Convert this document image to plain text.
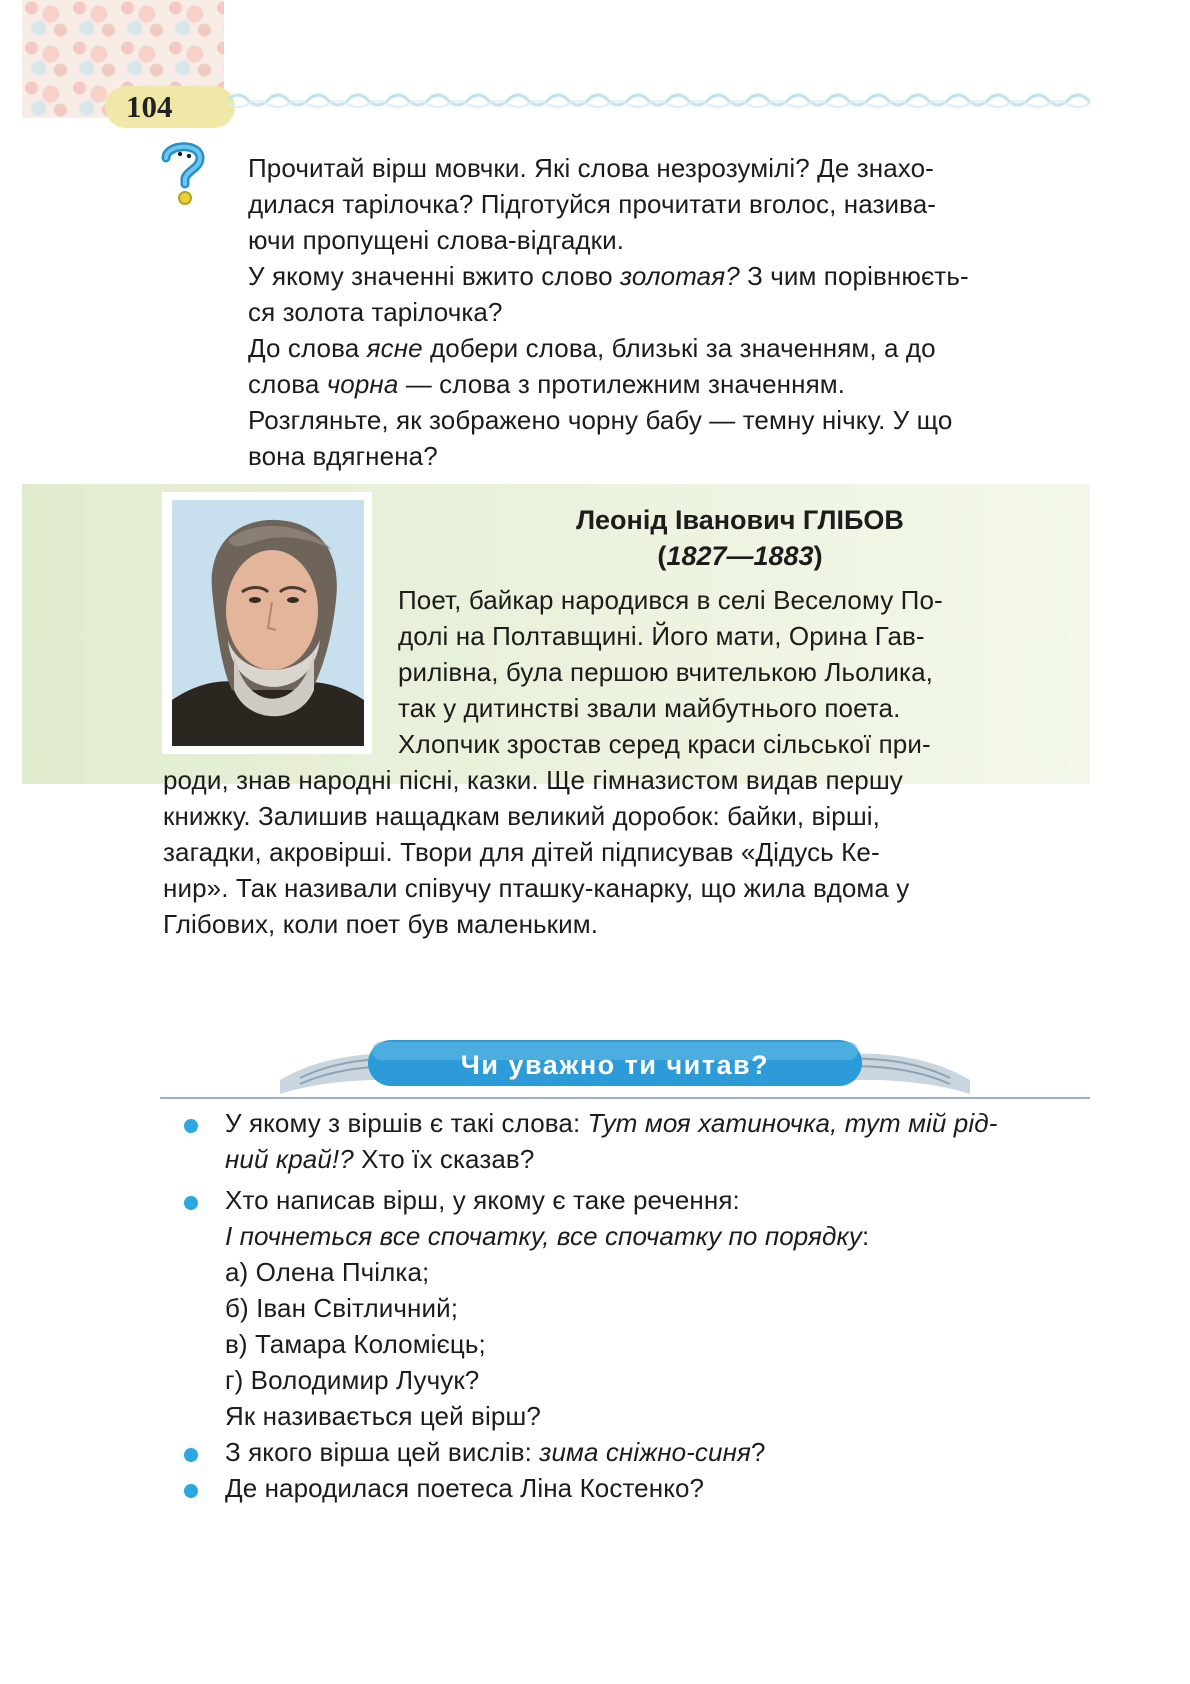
104

Прочитай вірш мовчки. Які слова незрозумілі? Де знахо-

дилася тарілочка? Підготуйся прочитати вголос, назива-

ючи пропущені слова-відгадки.

У якому значенні вжито слово золотая? З чим порівнюєть-

ся золота тарілочка?

До слова ясне добери слова, близькі за значенням, а до

слова чорна — слова з протилежним значенням.

Розгляньте, як зображено чорну бабу — темну нічку. У що

вона вдягнена?

Леонід Іванович ГЛІБОВ

(1827—1883)

Поет, байкар народився в селі Веселому По-

долі на Полтавщині. Його мати, Орина Гав-

рилівна, була першою вчителькою Льолика,

так у дитинстві звали майбутнього поета.

Хлопчик зростав серед краси сільської при-

роди, знав народні пісні, казки. Ще гімназистом видав першу

книжку. Залишив нащадкам великий доробок: байки, вірші,

загадки, акровірші. Твори для дітей підписував «Дідусь Ке-

нир». Так називали співучу пташку-канарку, що жила вдома у

Глібових, коли поет був маленьким.

Чи уважно ти читав?

У якому з віршів є такі слова: Тут моя хатиночка, тут мій рід-

ний край!? Хто їх сказав?

Хто написав вірш, у якому є таке речення:

І почнеться все спочатку, все спочатку по порядку:

а) Олена Пчілка;

б) Іван Світличний;

в) Тамара Коломієць;

г) Володимир Лучук?

Як називається цей вірш?

З якого вірша цей вислів: зима сніжно-синя?

Де народилася поетеса Ліна Костенко?
